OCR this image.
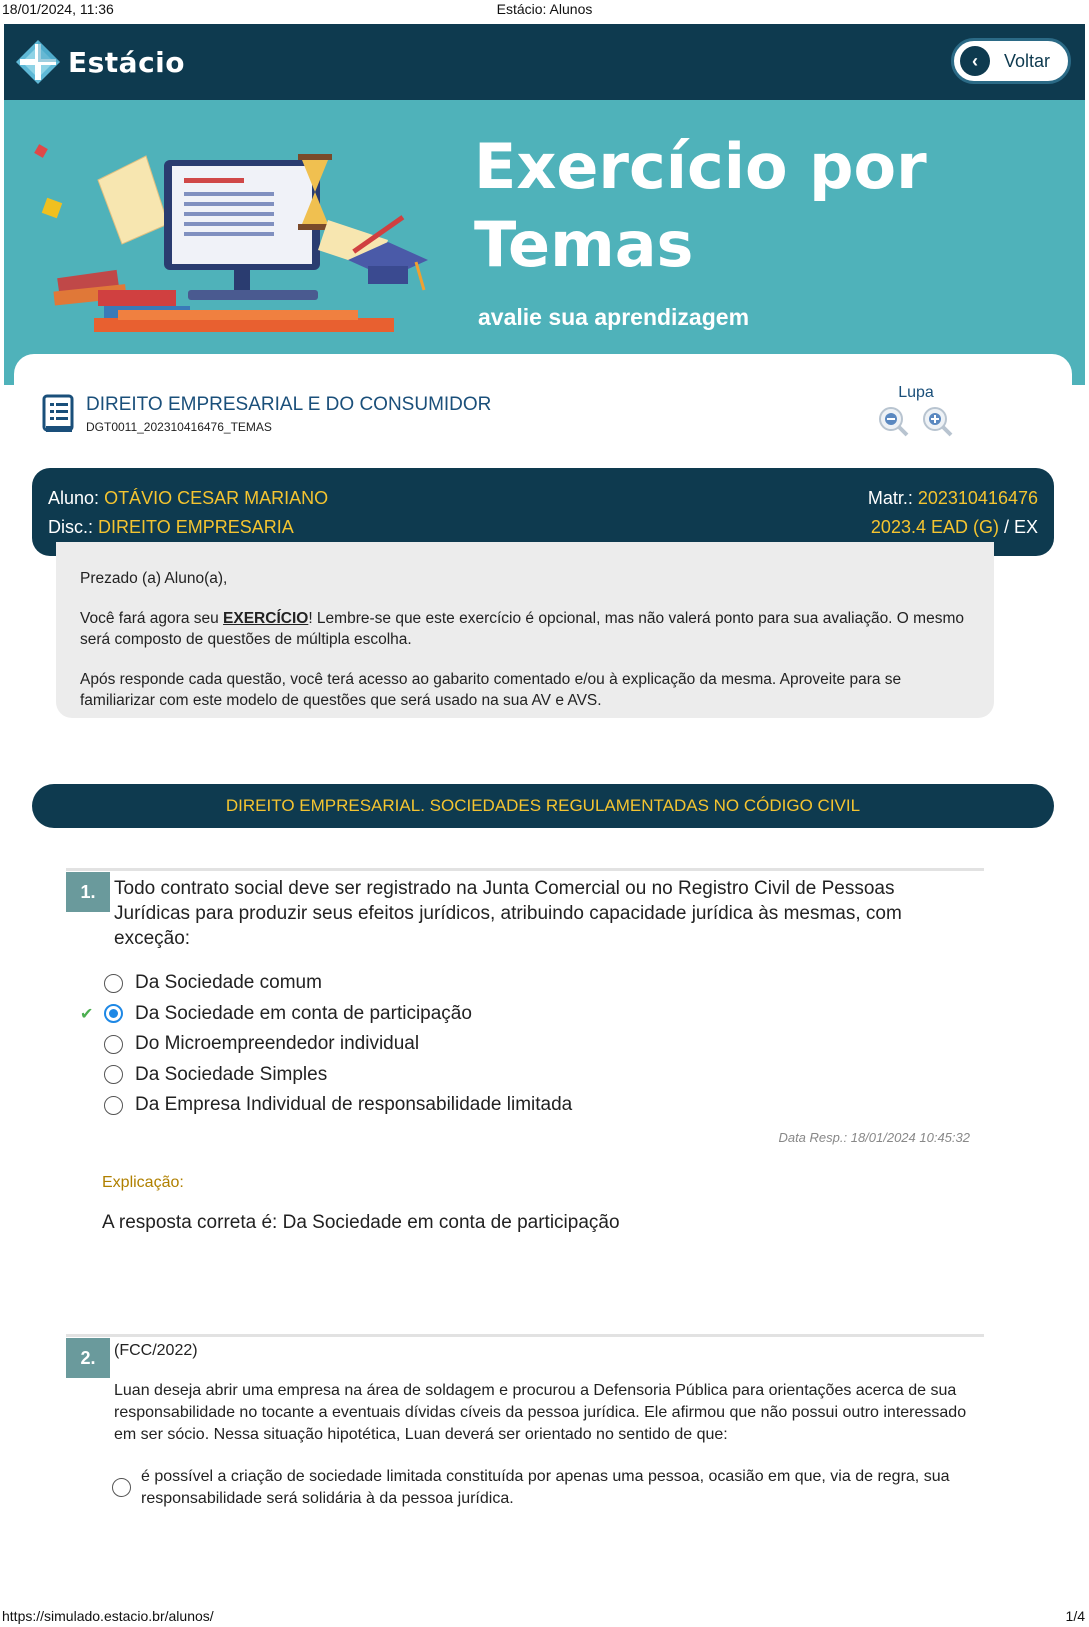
18/01/2024, 11:36	Estácio: Alunos
Estácio	‹	Voltar
Exercício por
Temas
avalie sua aprendizagem
DIREITO EMPRESARIAL E DO CONSUMIDOR
DGT0011_202310416476_TEMAS
Lupa
Aluno: OTÁVIO CESAR MARIANO
Disc.: DIREITO EMPRESARIA
Matr.: 202310416476
2023.4 EAD (G) / EX

Prezado (a) Aluno(a),

Você fará agora seu EXERCÍCIO! Lembre-se que este exercício é opcional, mas não valerá ponto para sua avaliação. O mesmo será composto de questões de múltipla escolha.

Após responde cada questão, você terá acesso ao gabarito comentado e/ou à explicação da mesma. Aproveite para se familiarizar com este modelo de questões que será usado na sua AV e AVS.

DIREITO EMPRESARIAL. SOCIEDADES REGULAMENTADAS NO CÓDIGO CIVIL
1. Todo contrato social deve ser registrado na Junta Comercial ou no Registro Civil de Pessoas Jurídicas para produzir seus efeitos jurídicos, atribuindo capacidade jurídica às mesmas, com exceção:
Da Sociedade comum
✔	Da Sociedade em conta de participação
Do Microempreendedor individual
Da Sociedade Simples
Da Empresa Individual de responsabilidade limitada
Data Resp.: 18/01/2024 10:45:32
Explicação:
A resposta correta é: Da Sociedade em conta de participação
2.	(FCC/2022)
Luan deseja abrir uma empresa na área de soldagem e procurou a Defensoria Pública para orientações acerca de sua responsabilidade no tocante a eventuais dívidas cíveis da pessoa jurídica. Ele afirmou que não possui outro interessado em ser sócio. Nessa situação hipotética, Luan deverá ser orientado no sentido de que:
é possível a criação de sociedade limitada constituída por apenas uma pessoa, ocasião em que, via de regra, sua responsabilidade será solidária à da pessoa jurídica.
https://simulado.estacio.br/alunos/	1/4
